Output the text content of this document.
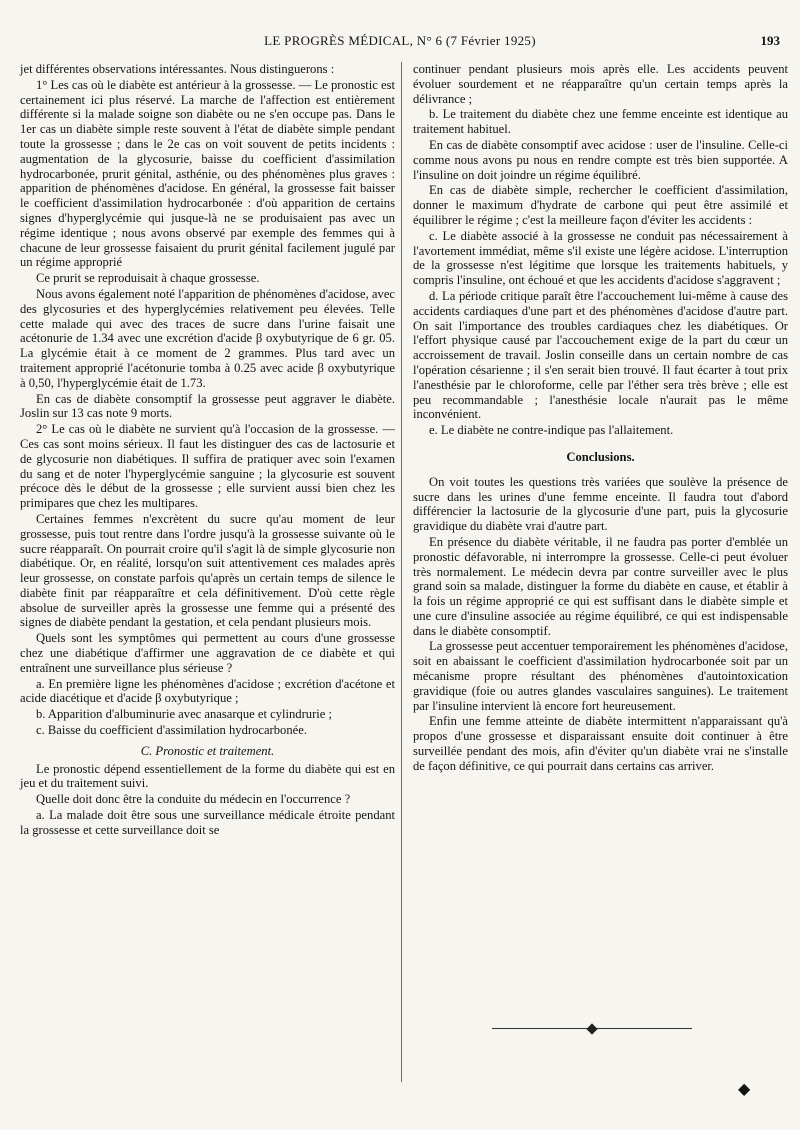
LE PROGRÈS MÉDICAL, N° 6 (7 Février 1925)	193

jet différentes observations intéressantes. Nous distinguerons :

1° Les cas où le diabète est antérieur à la grossesse. — Le pronostic est certainement ici plus réservé. La marche de l'affection est entièrement différente si la malade soigne son diabète ou ne s'en occupe pas. Dans le 1er cas un diabète simple reste souvent à l'état de diabète simple pendant toute la grossesse ; dans le 2e cas on voit souvent de petits incidents : augmentation de la glycosurie, baisse du coefficient d'assimilation hydrocarbonée, prurit génital, asthénie, ou des phénomènes plus graves : apparition de phénomènes d'acidose. En général, la grossesse fait baisser le coefficient d'assimilation hydrocarbonée : d'où apparition de certains signes d'hyperglycémie qui jusque-là ne se produisaient pas avec un régime identique ; nous avons observé par exemple des femmes qui à chacune de leur grossesse faisaient du prurit génital facilement jugulé par un régime approprié

Ce prurit se reproduisait à chaque grossesse.

Nous avons également noté l'apparition de phénomènes d'acidose, avec des glycosuries et des hyperglycémies relativement peu élevées. Telle cette malade qui avec des traces de sucre dans l'urine faisait une acétonurie de 1.34 avec une excrétion d'acide β oxybutyrique de 6 gr. 05. La glycémie était à ce moment de 2 grammes. Plus tard avec un traitement approprié l'acétonurie tomba à 0.25 avec acide β oxybutyrique à 0,50, l'hyperglycémie était de 1.73.

En cas de diabète consomptif la grossesse peut aggraver le diabète. Joslin sur 13 cas note 9 morts.

2° Le cas où le diabète ne survient qu'à l'occasion de la grossesse. — Ces cas sont moins sérieux. Il faut les distinguer des cas de lactosurie et de glycosurie non diabétiques. Il suffira de pratiquer avec soin l'examen du sang et de noter l'hyperglycémie sanguine ; la glycosurie est souvent précoce dès le début de la grossesse ; elle survient aussi bien chez les primipares que chez les multipares.

Certaines femmes n'excrètent du sucre qu'au moment de leur grossesse, puis tout rentre dans l'ordre jusqu'à la grossesse suivante où le sucre réapparaît. On pourrait croire qu'il s'agit là de simple glycosurie non diabétique. Or, en réalité, lorsqu'on suit attentivement ces malades après leur grossesse, on constate parfois qu'après un certain temps de silence le diabète finit par réapparaître et cela définitivement. D'où cette règle absolue de surveiller après la grossesse une femme qui a présenté des signes de diabète pendant la gestation, et cela pendant plusieurs mois.

Quels sont les symptômes qui permettent au cours d'une grossesse chez une diabétique d'affirmer une aggravation de ce diabète et qui entraînent une surveillance plus sérieuse ?

a. En première ligne les phénomènes d'acidose ; excrétion d'acétone et acide diacétique et d'acide β oxybutyrique ;

b. Apparition d'albuminurie avec anasarque et cylindrurie ;

c. Baisse du coefficient d'assimilation hydrocarbonée.

C. Pronostic et traitement.

Le pronostic dépend essentiellement de la forme du diabète qui est en jeu et du traitement suivi.

Quelle doit donc être la conduite du médecin en l'occurrence ?

a. La malade doit être sous une surveillance médicale étroite pendant la grossesse et cette surveillance doit se

continuer pendant plusieurs mois après elle. Les accidents peuvent évoluer sourdement et ne réapparaître qu'un certain temps après la délivrance ;

b. Le traitement du diabète chez une femme enceinte est identique au traitement habituel.

En cas de diabète consomptif avec acidose : user de l'insuline. Celle-ci comme nous avons pu nous en rendre compte est très bien supportée. A l'insuline on doit joindre un régime équilibré.

En cas de diabète simple, rechercher le coefficient d'assimilation, donner le maximum d'hydrate de carbone qui peut être assimilé et équilibrer le régime ; c'est la meilleure façon d'éviter les accidents :

c. Le diabète associé à la grossesse ne conduit pas nécessairement à l'avortement immédiat, même s'il existe une légère acidose. L'interruption de la grossesse n'est légitime que lorsque les traitements habituels, y compris l'insuline, ont échoué et que les accidents d'acidose s'aggravent ;

d. La période critique paraît être l'accouchement lui-même à cause des accidents cardiaques d'une part et des phénomènes d'acidose d'autre part. On sait l'importance des troubles cardiaques chez les diabétiques. Or l'effort physique causé par l'accouchement exige de la part du cœur un accroissement de travail. Joslin conseille dans un certain nombre de cas l'opération césarienne ; il s'en serait bien trouvé. Il faut écarter à tout prix l'anesthésie par le chloroforme, celle par l'éther sera très brève ; elle est peu recommandable ; l'anesthésie locale n'aurait pas le même inconvénient.

e. Le diabète ne contre-indique pas l'allaitement.

Conclusions.

On voit toutes les questions très variées que soulève la présence de sucre dans les urines d'une femme enceinte. Il faudra tout d'abord différencier la lactosurie de la glycosurie d'une part, puis la glycosurie gravidique du diabète vrai d'autre part.

En présence du diabète véritable, il ne faudra pas porter d'emblée un pronostic défavorable, ni interrompre la grossesse. Celle-ci peut évoluer très normalement. Le médecin devra par contre surveiller avec le plus grand soin sa malade, distinguer la forme du diabète en cause, et établir à la fois un régime approprié ce qui est suffisant dans le diabète simple et une cure d'insuline associée au régime équilibré, ce qui est indispensable dans le diabète consomptif.

La grossesse peut accentuer temporairement les phénomènes d'acidose, soit en abaissant le coefficient d'assimilation hydrocarbonée soit par un mécanisme propre résultant des phénomènes d'autointoxication gravidique (foie ou autres glandes vasculaires sanguines). Le traitement par l'insuline intervient là encore fort heureusement.

Enfin une femme atteinte de diabète intermittent n'apparaissant qu'à propos d'une grossesse et disparaissant ensuite doit continuer à être surveillée pendant des mois, afin d'éviter qu'un diabète vrai ne s'installe de façon définitive, ce qui pourrait dans certains cas arriver.

◆
